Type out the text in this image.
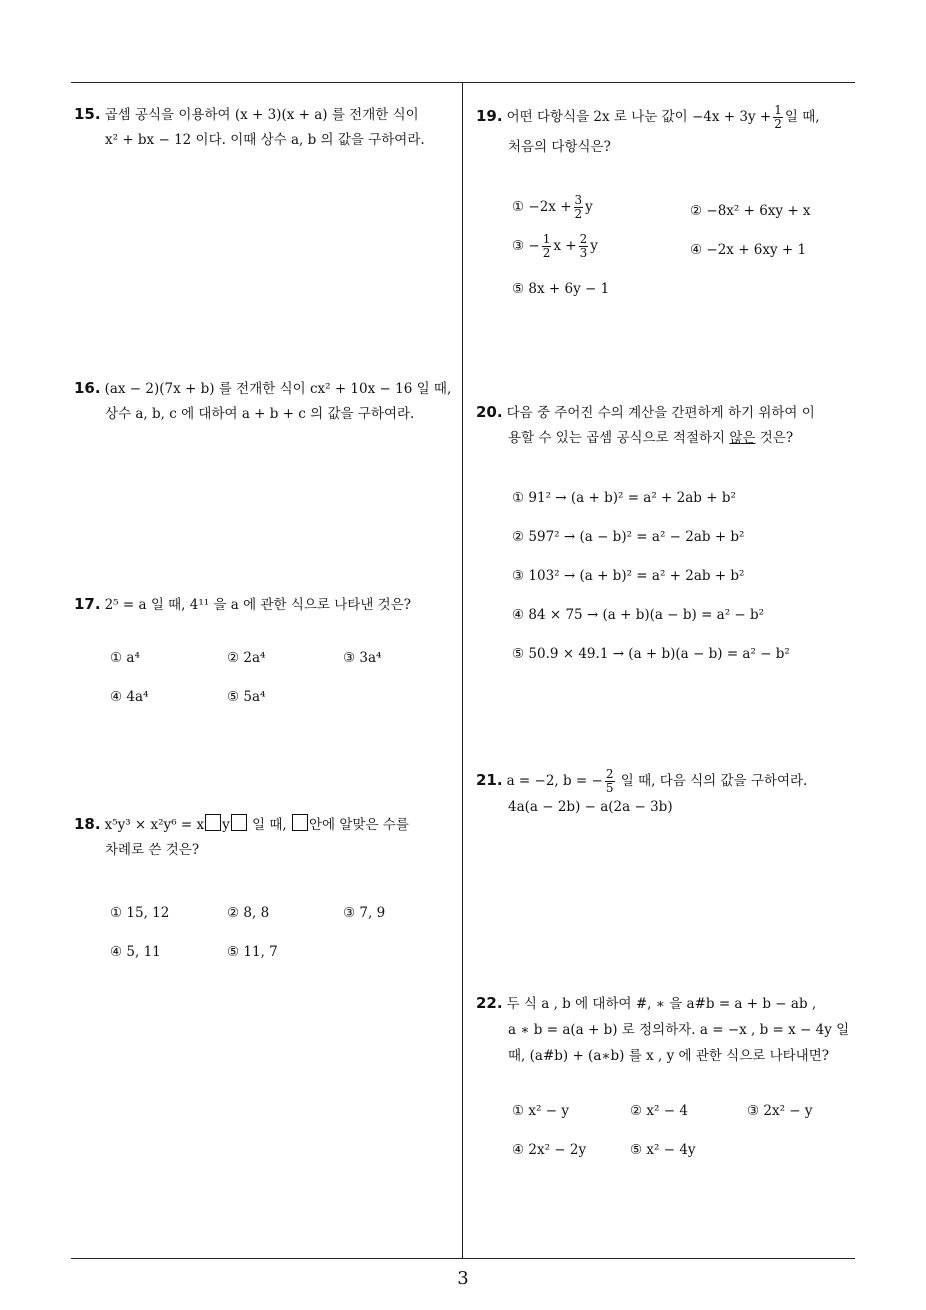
15. 곱셈 공식을 이용하여 (x + 3)(x + a) 를 전개한 식이
x² + bx − 12 이다. 이때 상수 a, b 의 값을 구하여라.
16. (ax − 2)(7x + b) 를 전개한 식이 cx² + 10x − 16 일 때,
상수 a, b, c 에 대하여 a + b + c 의 값을 구하여라.
17. 2⁵ = a 일 때, 4¹¹ 을 a 에 관한 식으로 나타낸 것은?
① a⁴	② 2a⁴	③ 3a⁴
④ 4a⁴	⑤ 5a⁴
18. x⁵y³ × x²y⁶ = x y 일 때, 안에 알맞은 수를
차례로 쓴 것은?
① 15, 12	② 8, 8	③ 7, 9
④ 5, 11	⑤ 11, 7
19. 어떤 다항식을 2x 로 나눈 값이 $-4x + 3y + \frac{1}{2}$ 일 때,
처음의 다항식은?
① $-2x + \frac{3}{2}$ y	② −8x² + 6xy + x
③ − $\frac{1}{2}$ $x + \frac{2}{3}$ y	④ −2x + 6xy + 1
⑤ 8x + 6y − 1
20. 다음 중 주어진 수의 계산을 간편하게 하기 위하여 이
용할 수 있는 곱셈 공식으로 적절하지 않은 것은?
① 91² → (a + b)² = a² + 2ab + b²
② 597² → (a − b)² = a² − 2ab + b²
③ 103² → (a + b)² = a² + 2ab + b²
④ 84 × 75 → (a + b)(a − b) = a² − b²
⑤ 50.9 × 49.1 → (a + b)(a − b) = a² − b²
21. a = −2, b = − $\frac{2}{5}$ 일 때, 다음 식의 값을 구하여라.
4a(a − 2b) − a(2a − 3b)
22. 두 식 a , b 에 대하여 #, ∗ 을 a#b = a + b − ab ,
a ∗ b = a(a + b) 로 정의하자. a = −x , b = x − 4y 일
때, (a#b) + (a∗b) 를 x , y 에 관한 식으로 나타내면?
① x² − y	② x² − 4	③ 2x² − y
④ 2x² − 2y	⑤ x² − 4y
3
